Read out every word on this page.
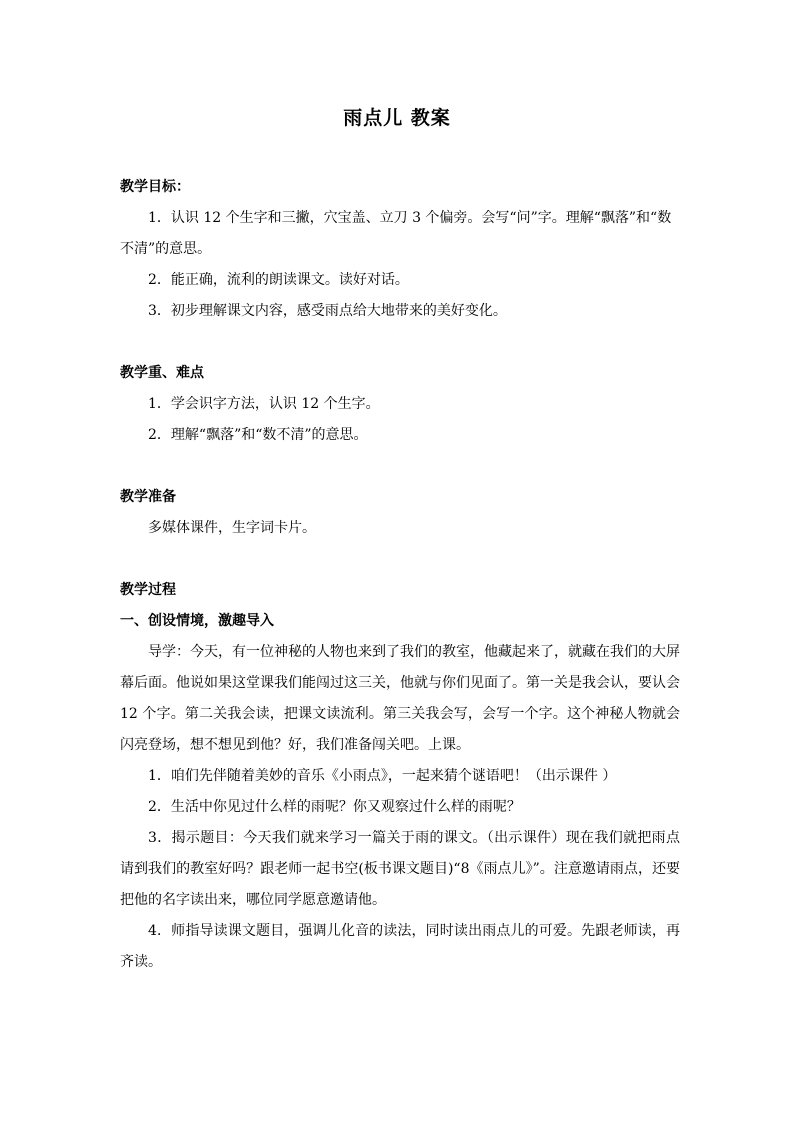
雨点儿 教案

教学目标：

1．认识 12 个生字和三撇，穴宝盖、立刀 3 个偏旁。会写“问”字。理解“飘落”和“数不清”的意思。

2．能正确，流利的朗读课文。读好对话。

3．初步理解课文内容，感受雨点给大地带来的美好变化。

教学重、难点

1．学会识字方法，认识 12 个生字。

2．理解“飘落”和“数不清”的意思。

教学准备

多媒体课件，生字词卡片。

教学过程

一、创设情境，激趣导入

导学：今天，有一位神秘的人物也来到了我们的教室，他藏起来了，就藏在我们的大屏幕后面。他说如果这堂课我们能闯过这三关，他就与你们见面了。第一关是我会认，要认会 12 个字。第二关我会读，把课文读流利。第三关我会写，会写一个字。这个神秘人物就会闪亮登场，想不想见到他？好，我们准备闯关吧。上课。

1．咱们先伴随着美妙的音乐《小雨点》，一起来猜个谜语吧！（出示课件 ）

2．生活中你见过什么样的雨呢？你又观察过什么样的雨呢？

3．揭示题目：今天我们就来学习一篇关于雨的课文。（出示课件）现在我们就把雨点请到我们的教室好吗？跟老师一起书空(板书课文题目)“8《雨点儿》”。注意邀请雨点，还要把他的名字读出来，哪位同学愿意邀请他。

4．师指导读课文题目，强调儿化音的读法，同时读出雨点儿的可爱。先跟老师读，再齐读。
